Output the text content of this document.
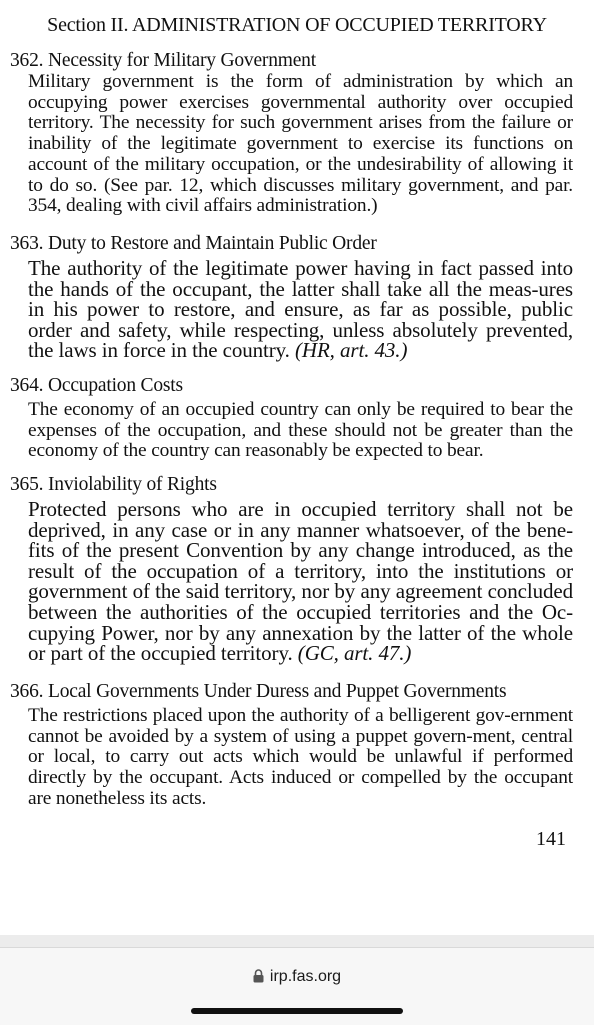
Section II. ADMINISTRATION OF OCCUPIED TERRITORY
362. Necessity for Military Government

Military government is the form of administration by which an occupying power exercises governmental authority over occupied territory. The necessity for such government arises from the failure or inability of the legitimate government to exercise its functions on account of the military occupation, or the undesirability of allowing it to do so. (See par. 12, which discusses military government, and par. 354, dealing with civil affairs administration.)

363. Duty to Restore and Maintain Public Order

The authority of the legitimate power having in fact passed into the hands of the occupant, the latter shall take all the meas-ures in his power to restore, and ensure, as far as possible, public order and safety, while respecting, unless absolutely prevented, the laws in force in the country. (HR, art. 43.)

364. Occupation Costs

The economy of an occupied country can only be required to bear the expenses of the occupation, and these should not be greater than the economy of the country can reasonably be expected to bear.

365. Inviolability of Rights

Protected persons who are in occupied territory shall not be deprived, in any case or in any manner whatsoever, of the bene-fits of the present Convention by any change introduced, as the result of the occupation of a territory, into the institutions or government of the said territory, nor by any agreement concluded between the authorities of the occupied territories and the Oc-cupying Power, nor by any annexation by the latter of the whole or part of the occupied territory. (GC, art. 47.)

366. Local Governments Under Duress and Puppet Governments

The restrictions placed upon the authority of a belligerent gov-ernment cannot be avoided by a system of using a puppet govern-ment, central or local, to carry out acts which would be unlawful if performed directly by the occupant. Acts induced or compelled by the occupant are nonetheless its acts.

141
irp.fas.org
